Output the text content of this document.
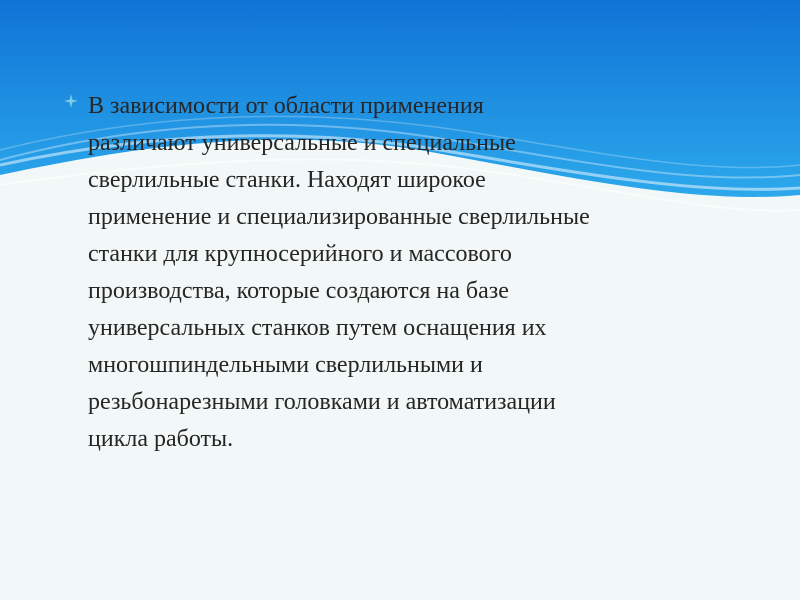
В зависимости от области применения
различают универсальные и специальные
сверлильные станки. Находят широкое
применение и специализированные сверлильные
станки для крупносерийного и массового
производства, которые создаются на базе
универсальных станков путем оснащения их
многошпиндельными сверлильными и
резьбонарезными головками и автоматизации
цикла работы.
